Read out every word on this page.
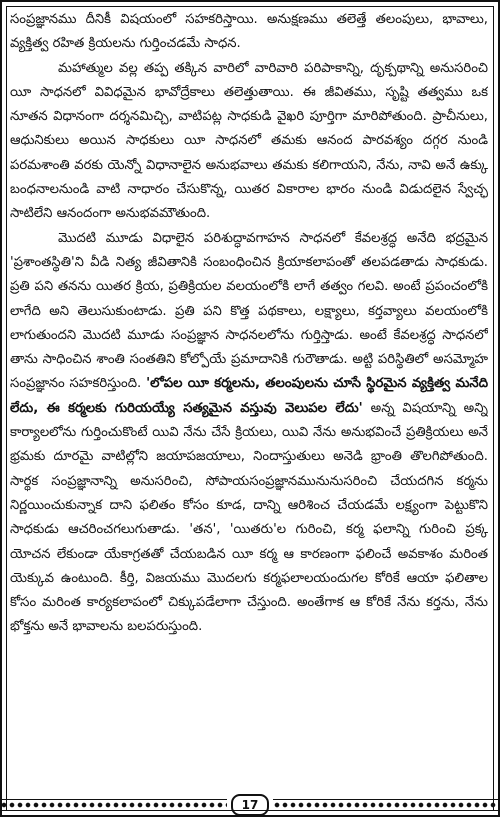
సంప్రజ్ఞానము దీనికీ విషయంలో సహకరిస్తాయి. అనుక్షణము తలెత్తే తలంపులు, భావాలు, వ్యక్తిత్వ రహిత క్రియలను గుర్తించడమే సాధన.

మహాత్ముల వల్ల తప్ప తక్కిన వారిలో వారివారి పరిపాకాన్ని, దృక్పథాన్ని అనుసరించి యీ సాధనలో వివిధమైన భావోద్రేకాలు తలెత్తుతాయి. ఈ జీవితము, సృష్టి తత్వము ఒక నూతన విధానంగా దర్శనమిచ్చి, వాటిపట్ల సాధకుడి వైఖరి పూర్తిగా మారిపోతుంది. ప్రాచీనులు, ఆధునికులు అయిన సాధకులు యీ సాధనలో తమకు ఆనంద పారవశ్యం దగ్గర నుండి పరమశాంతి వరకు యెన్నో విధానాలైన అనుభవాలు తమకు కలిగాయని, నేను, నావి అనే ఉక్కు బంధనాలనుండి వాటి నాధారం చేసుకొన్న, యితర వికారాల భారం నుండి విడుదలైన స్వేచ్ఛ సాటిలేని ఆనందంగా అనుభవమౌతుంది.

మొదటి మూడు విధాలైన పరిశుద్ధావగాహన సాధనలో కేవలశ్రద్ధ అనేది భద్రమైన 'ప్రశాంతస్థితి'ని వీడి నిత్య జీవితానికి సంబంధించిన క్రియాకలాపంతో తలపడతాడు సాధకుడు. ప్రతి పని తనను యితర క్రియ, ప్రతిక్రియల వలయంలోకి లాగే తత్వం గలవి. అంటే ప్రపంచంలోకి లాగేది అని తెలుసుకుంటాడు. ప్రతి పని కొత్త పథకాలు, లక్ష్యాలు, కర్తవ్యాలు వలయంలోకి లాగుతుందని మొదటి మూడు సంప్రజ్ఞాన సాధనలలోను గుర్తిస్తాడు. అంటే కేవలశ్రద్ధ సాధనలో తాను సాధించిన శాంతి సంతతిని కోల్పోయే ప్రమాదానికి గురౌతాడు. అట్టి పరిస్థితిలో అసమ్మోహ సంప్రజ్ఞానం సహకరిస్తుంది. 'లోపల యీ కర్మలను, తలంపులను చూసే స్థిరమైన వ్యక్తిత్వ మనేది లేదు, ఈ కర్మలకు గురియయ్యే సత్యమైన వస్తువు వెలుపల లేదు' అన్న విషయాన్ని అన్ని కార్యాలలోను గుర్తించుకొంటే యివి నేను చేసే క్రియలు, యివి నేను అనుభవించే ప్రతిక్రియలు అనే భ్రమకు దూరమై వాటిల్లోని జయాపజయాలు, నిందాస్తుతులు అనెడి భ్రాంతి తొలగిపోతుంది. సార్థక సంప్రజ్ఞానాన్ని అనుసరించి, సోపాయసంప్రజ్ఞానమునునుసరించి చేయదగిన కర్మను నిర్ణయించుకున్నాక దాని ఫలితం కోసం కూడ, దాన్ని ఆరిశించ చేయడమే లక్ష్యంగా పెట్టుకొని సాధకుడు ఆచరించగలుగుతాడు. 'తన', 'యితరు'ల గురించి, కర్మ ఫలాన్ని గురించి ప్రక్క యోచన లేకుండా యేకాగ్రతతో చేయబడిన యీ కర్మ ఆ కారణంగా ఫలించే అవకాశం మరింత యెక్కువ ఉంటుంది. కీర్తి, విజయము మొదలగు కర్మఫలాలయందుగల కోరికే ఆయా ఫలితాల కోసం మరింత కార్యకలాపంలో చిక్కుపడేలాగా చేస్తుంది. అంతేగాక ఆ కోరికే నేను కర్తను, నేను భోక్తను అనే భావాలను బలపరుస్తుంది.

17
